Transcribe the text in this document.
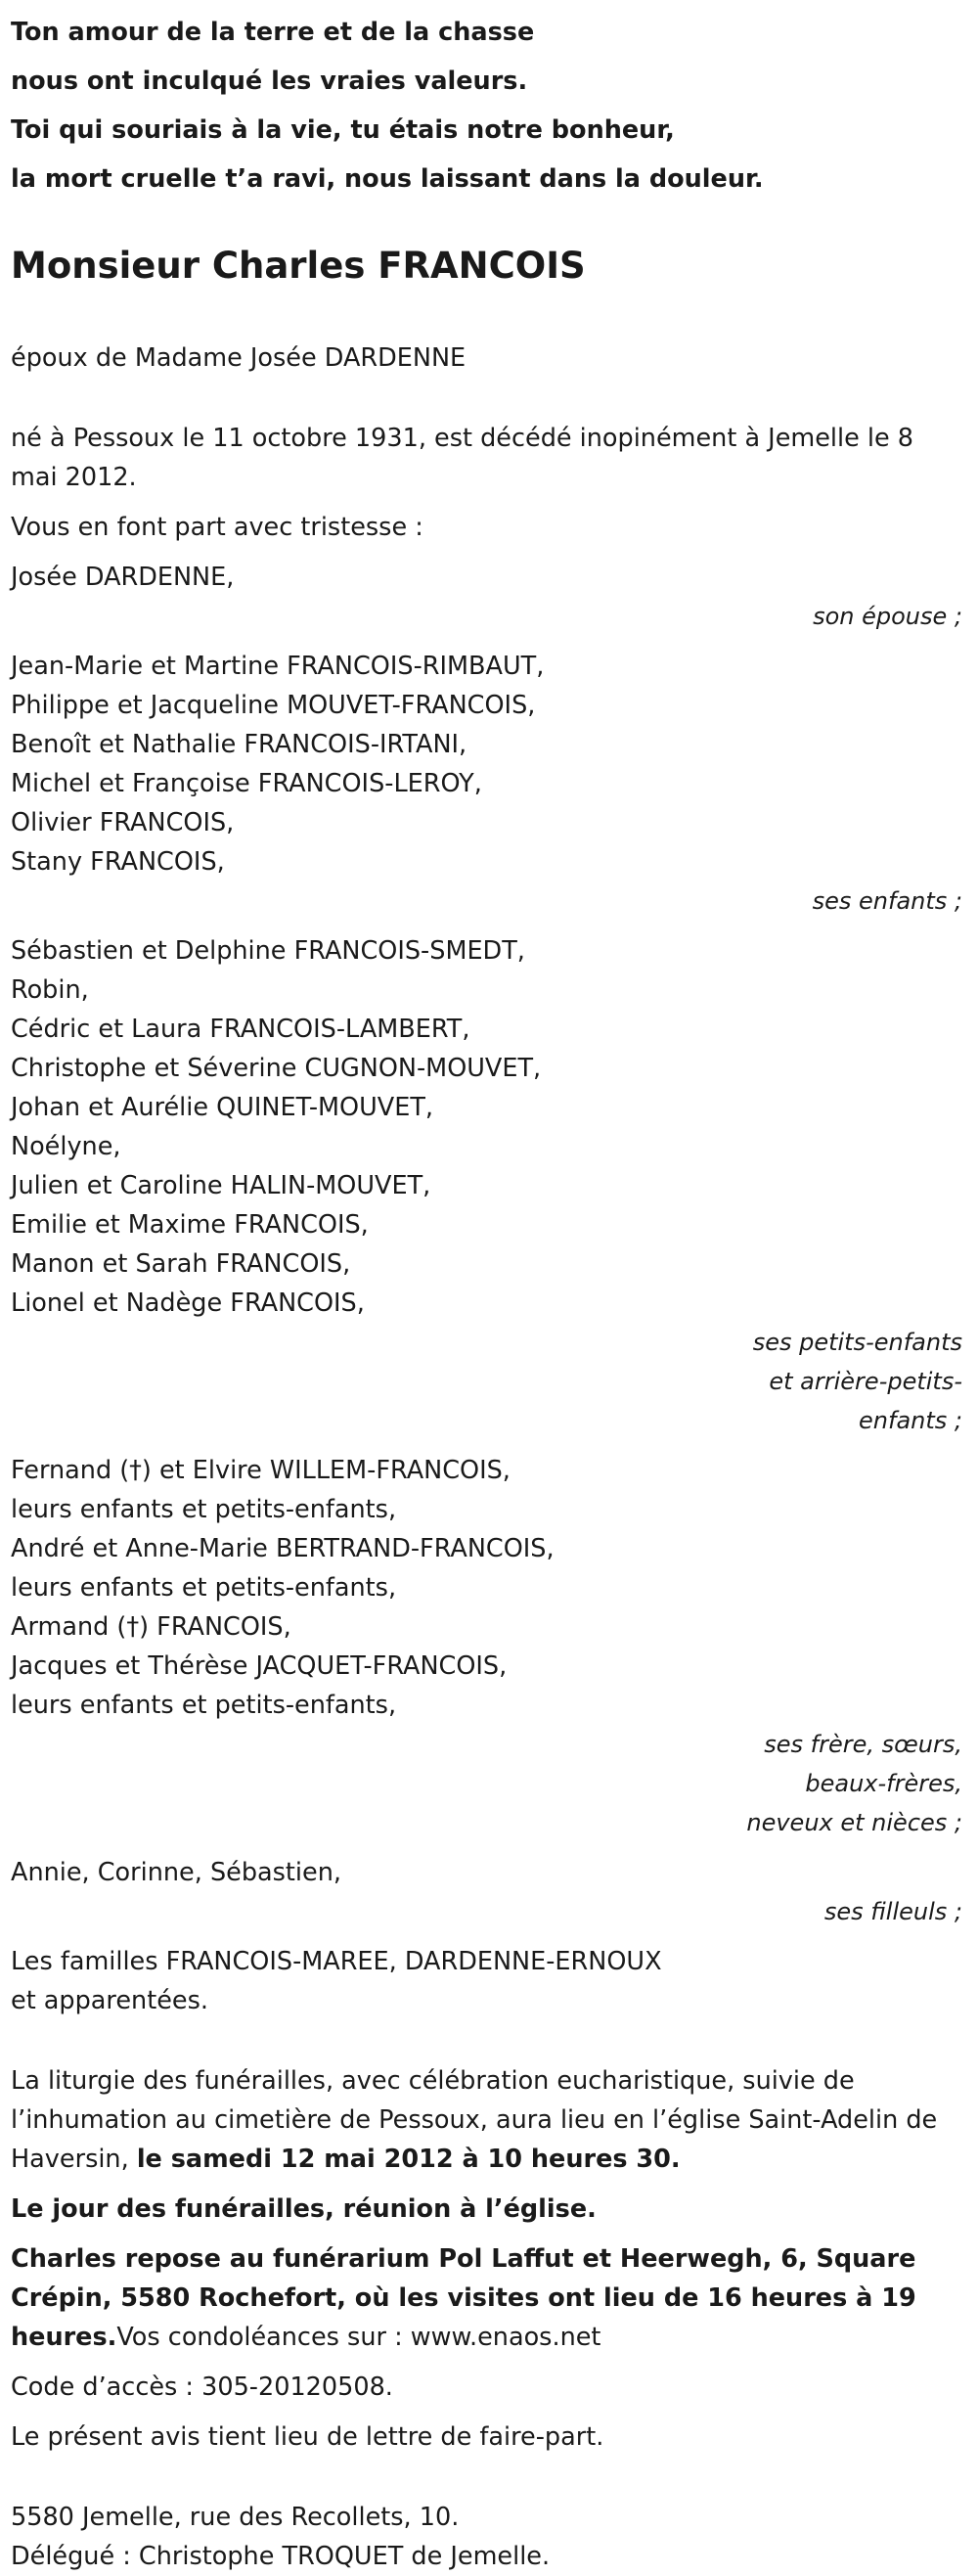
Ton amour de la terre et de la chasse
nous ont inculqué les vraies valeurs.
Toi qui souriais à la vie, tu étais notre bonheur,
la mort cruelle t’a ravi, nous laissant dans la douleur.
Monsieur Charles FRANCOIS

époux de Madame Josée DARDENNE

né à Pessoux le 11 octobre 1931, est décédé inopinément à Jemelle le 8 mai 2012.

Vous en font part avec tristesse :

Josée DARDENNE,
son épouse ;
Jean-Marie et Martine FRANCOIS-RIMBAUT,
Philippe et Jacqueline MOUVET-FRANCOIS,
Benoît et Nathalie FRANCOIS-IRTANI,
Michel et Françoise FRANCOIS-LEROY,
Olivier FRANCOIS,
Stany FRANCOIS,
ses enfants ;
Sébastien et Delphine FRANCOIS-SMEDT,
Robin,
Cédric et Laura FRANCOIS-LAMBERT,
Christophe et Séverine CUGNON-MOUVET,
Johan et Aurélie QUINET-MOUVET,
Noélyne,
Julien et Caroline HALIN-MOUVET,
Emilie et Maxime FRANCOIS,
Manon et Sarah FRANCOIS,
Lionel et Nadège FRANCOIS,
ses petits-enfants
et arrière-petits-
enfants ;
Fernand (†) et Elvire WILLEM-FRANCOIS,
leurs enfants et petits-enfants,
André et Anne-Marie BERTRAND-FRANCOIS,
leurs enfants et petits-enfants,
Armand (†) FRANCOIS,
Jacques et Thérèse JACQUET-FRANCOIS,
leurs enfants et petits-enfants,
ses frère, sœurs,
beaux-frères,
neveux et nièces ;
Annie, Corinne, Sébastien,
ses filleuls ;

Les familles FRANCOIS-MAREE, DARDENNE-ERNOUX
et apparentées.

La liturgie des funérailles, avec célébration eucharistique, suivie de l’inhumation au cimetière de Pessoux, aura lieu en l’église Saint-Adelin de Haversin, le samedi 12 mai 2012 à 10 heures 30.

Le jour des funérailles, réunion à l’église.

Charles repose au funérarium Pol Laffut et Heerwegh, 6, Square Crépin, 5580 Rochefort, où les visites ont lieu de 16 heures à 19 heures.Vos condoléances sur : www.enaos.net

Code d’accès : 305-20120508.

Le présent avis tient lieu de lettre de faire-part.

5580 Jemelle, rue des Recollets, 10.
Délégué : Christophe TROQUET de Jemelle.
